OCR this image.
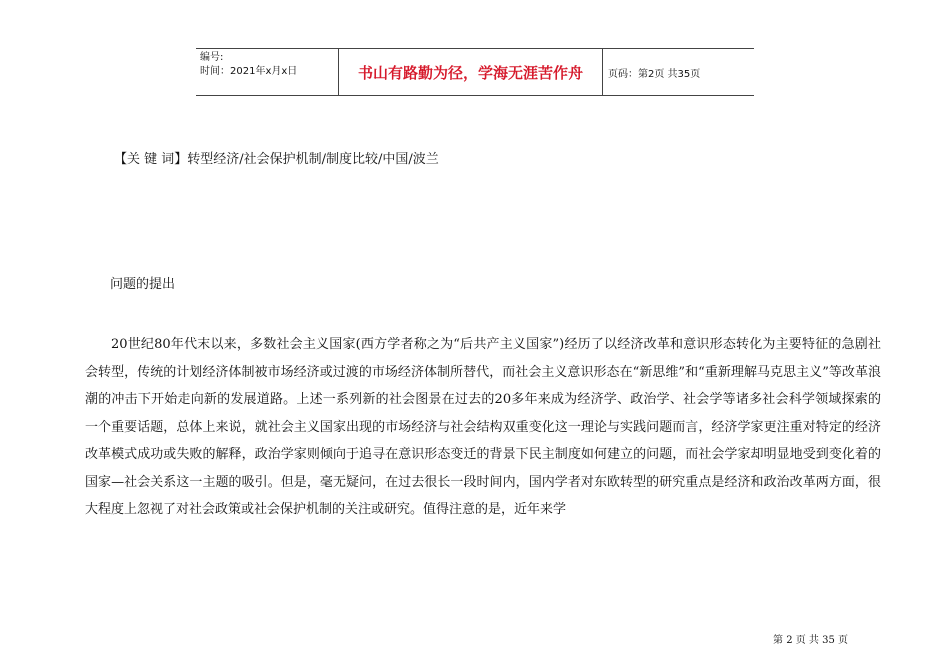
编号:
时间：2021年x月x日	书山有路勤为径，学海无涯苦作舟	页码：第2页 共35页
【关 键 词】转型经济/社会保护机制/制度比较/中国/波兰
问题的提出

20世纪80年代末以来，多数社会主义国家(西方学者称之为“后共产主义国家”)经历了以经济改革和意识形态转化为主要特征的急剧社会转型，传统的计划经济体制被市场经济或过渡的市场经济体制所替代，而社会主义意识形态在“新思维”和“重新理解马克思主义”等改革浪潮的冲击下开始走向新的发展道路。上述一系列新的社会图景在过去的20多年来成为经济学、政治学、社会学等诸多社会科学领域探索的一个重要话题，总体上来说，就社会主义国家出现的市场经济与社会结构双重变化这一理论与实践问题而言，经济学家更注重对特定的经济改革模式成功或失败的解释，政治学家则倾向于追寻在意识形态变迁的背景下民主制度如何建立的问题，而社会学家却明显地受到变化着的国家—社会关系这一主题的吸引。但是，毫无疑问，在过去很长一段时间内，国内学者对东欧转型的研究重点是经济和政治改革两方面，很大程度上忽视了对社会政策或社会保护机制的关注或研究。值得注意的是，近年来学

第 2 页 共 35 页
